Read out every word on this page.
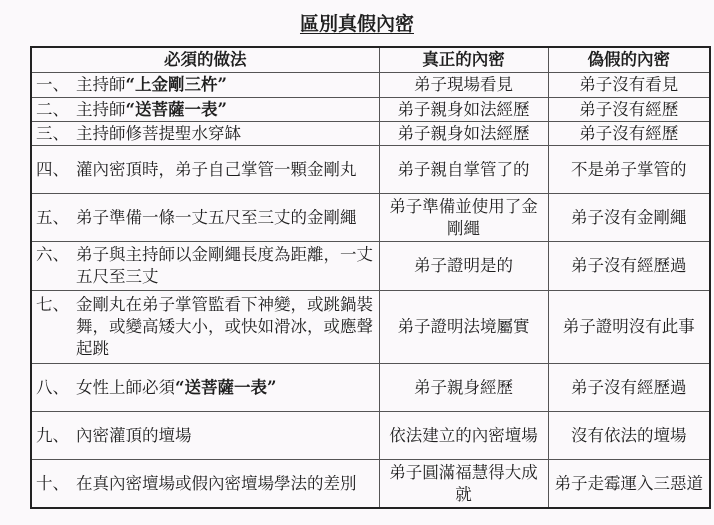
區別真假內密
必須的做法	真正的內密	偽假的內密

一、 主持師“上金剛三杵”	弟子現場看見	弟子沒有看見

二、 主持師“送菩薩一表”	弟子親身如法經歷	弟子沒有經歷

三、 主持師修菩提聖水穿缽	弟子親身如法經歷	弟子沒有經歷

四、 灌內密頂時，弟子自己掌管一顆金剛丸	弟子親自掌管了的	不是弟子掌管的

五、 弟子準備一條一丈五尺至三丈的金剛繩	弟子準備並使用了金剛繩	弟子沒有金剛繩

六、 弟子與主持師以金剛繩長度為距離，一丈五尺至三丈	弟子證明是的	弟子沒有經歷過

七、 金剛丸在弟子掌管監看下神變，或跳鍋裝舞，或變高矮大小，或快如滑冰，或應聲起跳	弟子證明法境屬實	弟子證明沒有此事

八、 女性上師必須“送菩薩一表”	弟子親身經歷	弟子沒有經歷過

九、 內密灌頂的壇場	依法建立的內密壇場	沒有依法的壇場

十、 在真內密壇場或假內密壇場學法的差別	弟子圓滿福慧得大成就	弟子走霉運入三惡道
